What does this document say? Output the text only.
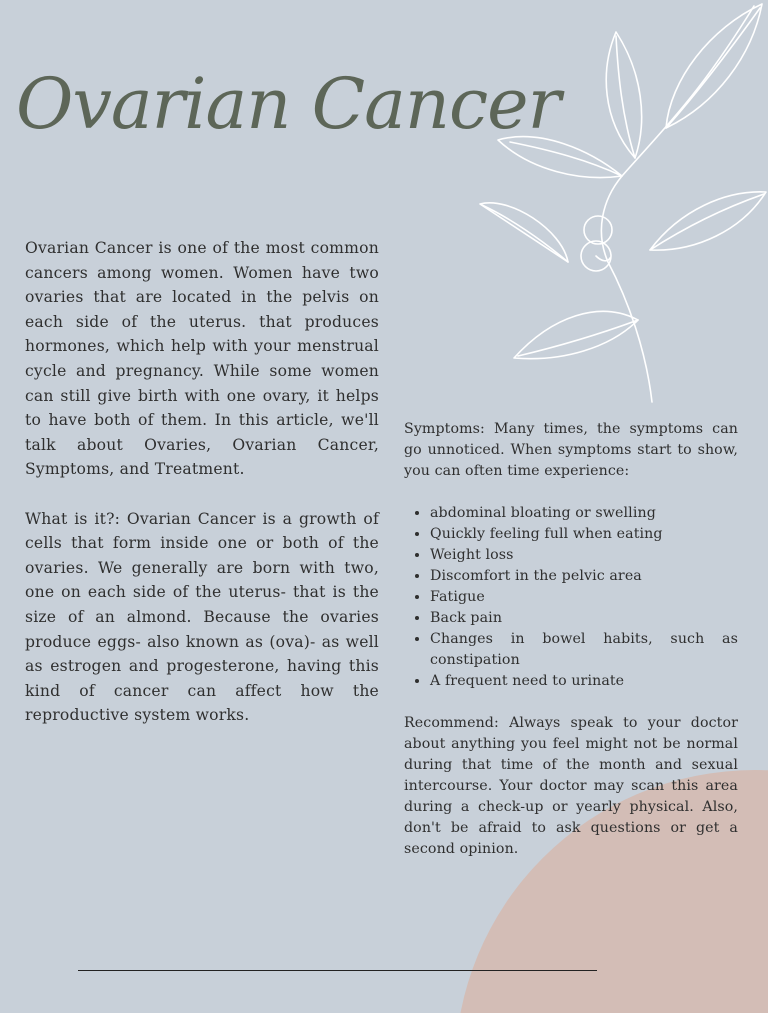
Ovarian Cancer

Ovarian Cancer is one of the most common cancers among women. Women have two ovaries that are located in the pelvis on each side of the uterus. that produces hormones, which help with your menstrual cycle and pregnancy. While some women can still give birth with one ovary, it helps to have both of them. In this article, we'll talk about Ovaries, Ovarian Cancer, Symptoms, and Treatment.

What is it?: Ovarian Cancer is a growth of cells that form inside one or both of the ovaries. We generally are born with two, one on each side of the uterus- that is the size of an almond. Because the ovaries produce eggs- also known as (ova)- as well as estrogen and progesterone, having this kind of cancer can affect how the reproductive system works.

Symptoms: Many times, the symptoms can go unnoticed. When symptoms start to show, you can often time experience:

• abdominal bloating or swelling
• Quickly feeling full when eating
• Weight loss
• Discomfort in the pelvic area
• Fatigue
• Back pain
• Changes in bowel habits, such as constipation
• A frequent need to urinate

Recommend: Always speak to your doctor about anything you feel might not be normal during that time of the month and sexual intercourse. Your doctor may scan this area during a check-up or yearly physical. Also, don't be afraid to ask questions or get a second opinion.
